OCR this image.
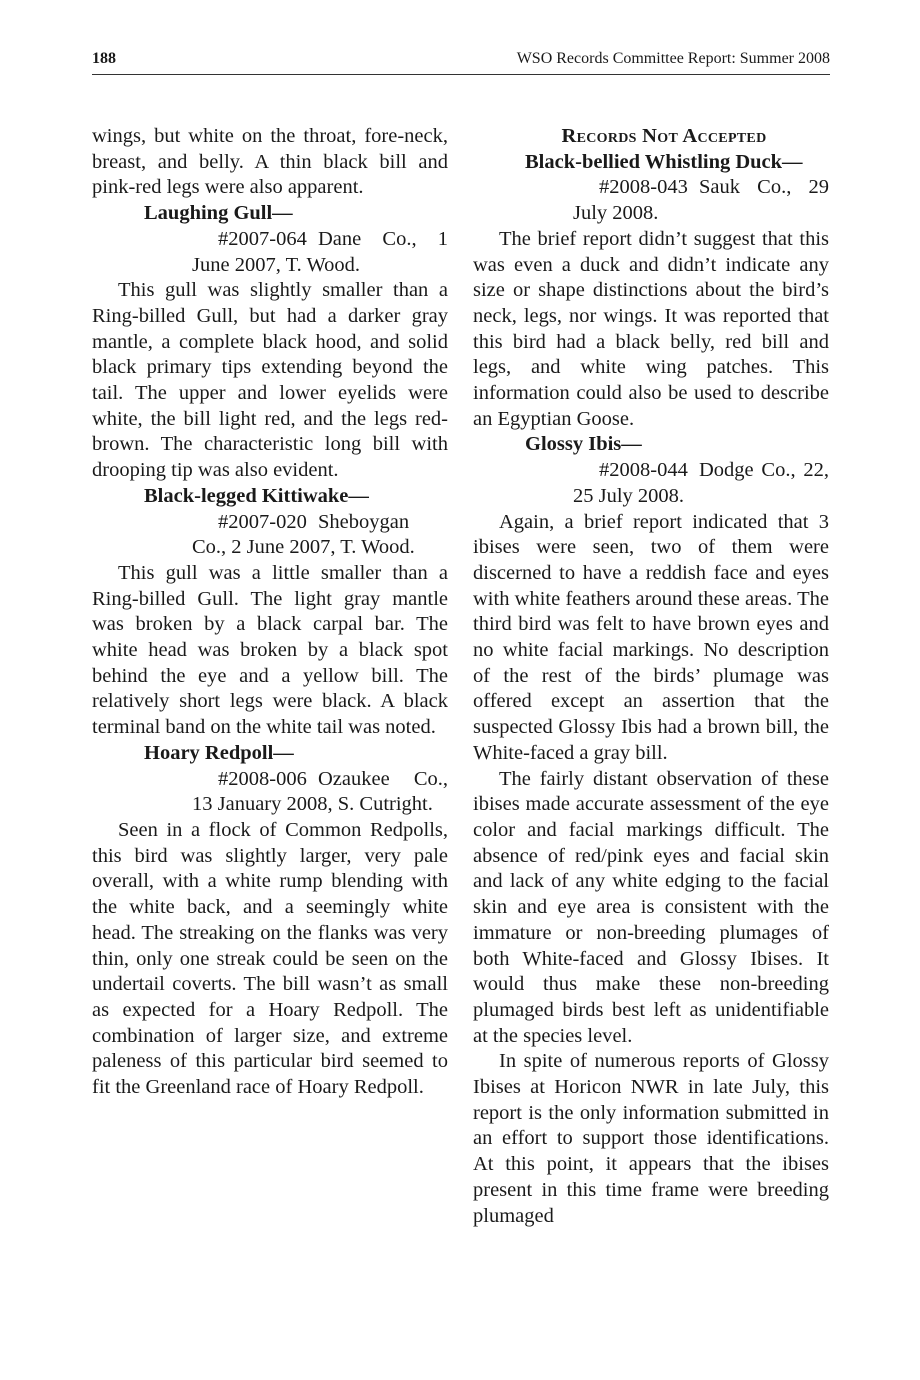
188	WSO Records Committee Report: Summer 2008

wings, but white on the throat, fore-neck, breast, and belly. A thin black bill and pink-red legs were also apparent.

Laughing Gull—

#2007-064 Dane Co., 1 June 2007, T. Wood.

This gull was slightly smaller than a Ring-billed Gull, but had a darker gray mantle, a complete black hood, and solid black primary tips extending beyond the tail. The upper and lower eyelids were white, the bill light red, and the legs red-brown. The characteristic long bill with drooping tip was also evident.

Black-legged Kittiwake—

#2007-020 Sheboygan Co., 2 June 2007, T. Wood.

This gull was a little smaller than a Ring-billed Gull. The light gray mantle was broken by a black carpal bar. The white head was broken by a black spot behind the eye and a yellow bill. The relatively short legs were black. A black terminal band on the white tail was noted.

Hoary Redpoll—

#2008-006 Ozaukee Co., 13 January 2008, S. Cutright.

Seen in a flock of Common Redpolls, this bird was slightly larger, very pale overall, with a white rump blending with the white back, and a seemingly white head. The streaking on the flanks was very thin, only one streak could be seen on the undertail coverts. The bill wasn’t as small as expected for a Hoary Redpoll. The combination of larger size, and extreme paleness of this particular bird seemed to fit the Greenland race of Hoary Redpoll.

Records Not Accepted

Black-bellied Whistling Duck—

#2008-043 Sauk Co., 29 July 2008.

The brief report didn’t suggest that this was even a duck and didn’t indicate any size or shape distinctions about the bird’s neck, legs, nor wings. It was reported that this bird had a black belly, red bill and legs, and white wing patches. This information could also be used to describe an Egyptian Goose.

Glossy Ibis—

#2008-044 Dodge Co., 22, 25 July 2008.

Again, a brief report indicated that 3 ibises were seen, two of them were discerned to have a reddish face and eyes with white feathers around these areas. The third bird was felt to have brown eyes and no white facial markings. No description of the rest of the birds’ plumage was offered except an assertion that the suspected Glossy Ibis had a brown bill, the White-faced a gray bill.

The fairly distant observation of these ibises made accurate assessment of the eye color and facial markings difficult. The absence of red/pink eyes and facial skin and lack of any white edging to the facial skin and eye area is consistent with the immature or non-breeding plumages of both White-faced and Glossy Ibises. It would thus make these non-breeding plumaged birds best left as unidentifiable at the species level.

In spite of numerous reports of Glossy Ibises at Horicon NWR in late July, this report is the only information submitted in an effort to support those identifications. At this point, it appears that the ibises present in this time frame were breeding plumaged
